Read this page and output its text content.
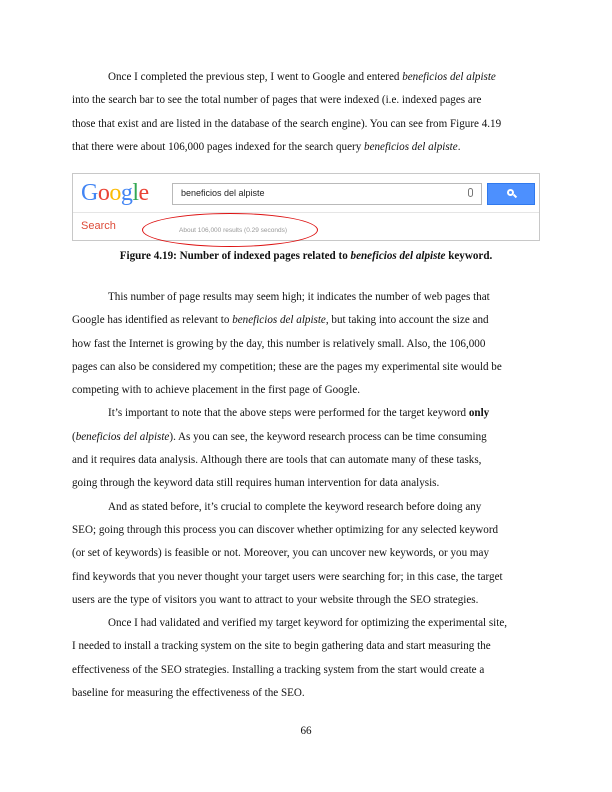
Once I completed the previous step, I went to Google and entered beneficios del alpiste
into the search bar to see the total number of pages that were indexed (i.e. indexed pages are
those that exist and are listed in the database of the search engine). You can see from Figure 4.19
that there were about 106,000 pages indexed for the search query beneficios del alpiste.

Google	beneficios del alpiste
Search	About 106,000 results (0.29 seconds)
Figure 4.19: Number of indexed pages related to beneficios del alpiste keyword.

This number of page results may seem high; it indicates the number of web pages that
Google has identified as relevant to beneficios del alpiste, but taking into account the size and
how fast the Internet is growing by the day, this number is relatively small. Also, the 106,000
pages can also be considered my competition; these are the pages my experimental site would be
competing with to achieve placement in the first page of Google.
It’s important to note that the above steps were performed for the target keyword only
(beneficios del alpiste). As you can see, the keyword research process can be time consuming
and it requires data analysis. Although there are tools that can automate many of these tasks,
going through the keyword data still requires human intervention for data analysis.
And as stated before, it’s crucial to complete the keyword research before doing any
SEO; going through this process you can discover whether optimizing for any selected keyword
(or set of keywords) is feasible or not. Moreover, you can uncover new keywords, or you may
find keywords that you never thought your target users were searching for; in this case, the target
users are the type of visitors you want to attract to your website through the SEO strategies.
Once I had validated and verified my target keyword for optimizing the experimental site,
I needed to install a tracking system on the site to begin gathering data and start measuring the
effectiveness of the SEO strategies. Installing a tracking system from the start would create a
baseline for measuring the effectiveness of the SEO.

66
